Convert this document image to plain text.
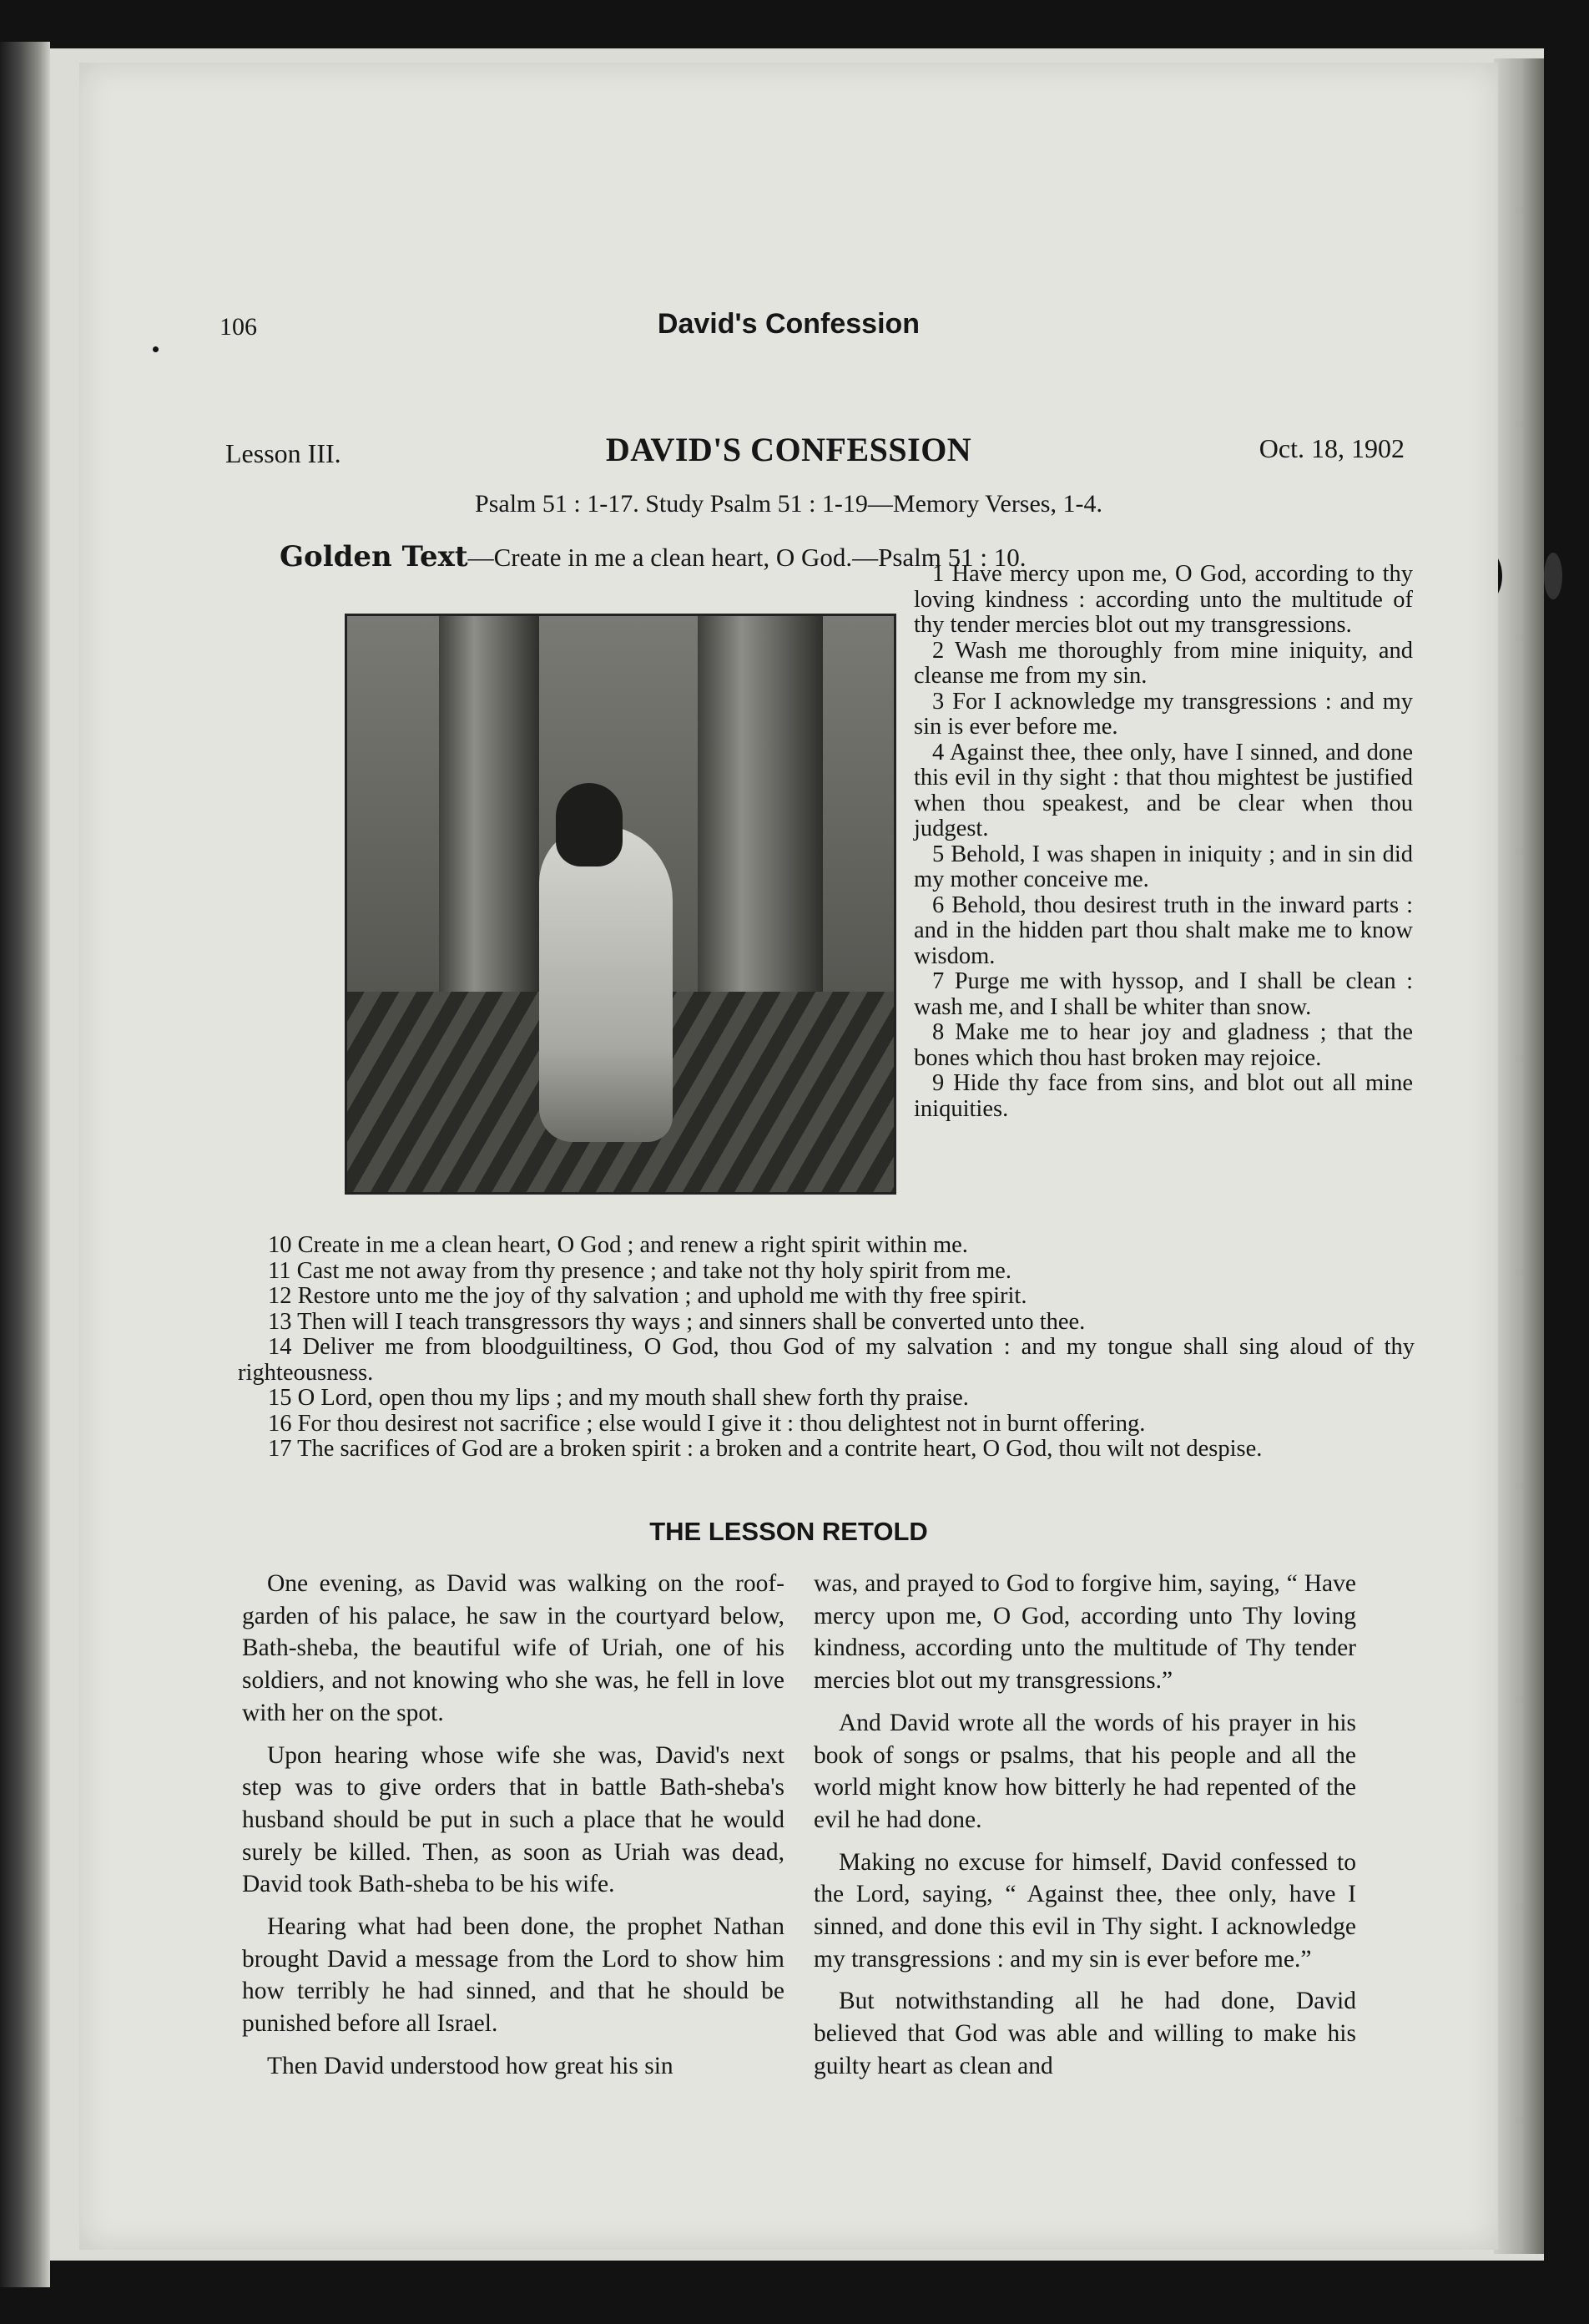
106	David's Confession
Lesson III.	DAVID'S CONFESSION	Oct. 18, 1902
Psalm 51 : 1-17. Study Psalm 51 : 1-19—Memory Verses, 1-4.
Golden Text—Create in me a clean heart, O God.—Psalm 51 : 10.

1 Have mercy upon me, O God, according to thy loving kindness : according unto the multitude of thy tender mercies blot out my transgressions.

2 Wash me thoroughly from mine iniquity, and cleanse me from my sin.

3 For I acknowledge my transgressions : and my sin is ever before me.

4 Against thee, thee only, have I sinned, and done this evil in thy sight : that thou mightest be justified when thou speakest, and be clear when thou judgest.

5 Behold, I was shapen in iniquity ; and in sin did my mother conceive me.

6 Behold, thou desirest truth in the inward parts : and in the hidden part thou shalt make me to know wisdom.

7 Purge me with hyssop, and I shall be clean : wash me, and I shall be whiter than snow.

8 Make me to hear joy and gladness ; that the bones which thou hast broken may rejoice.

9 Hide thy face from sins, and blot out all mine iniquities.

10 Create in me a clean heart, O God ; and renew a right spirit within me.

11 Cast me not away from thy presence ; and take not thy holy spirit from me.

12 Restore unto me the joy of thy salvation ; and uphold me with thy free spirit.

13 Then will I teach transgressors thy ways ; and sinners shall be converted unto thee.

14 Deliver me from bloodguiltiness, O God, thou God of my salvation : and my tongue shall sing aloud of thy righteousness.

15 O Lord, open thou my lips ; and my mouth shall shew forth thy praise.

16 For thou desirest not sacrifice ; else would I give it : thou delightest not in burnt offering.

17 The sacrifices of God are a broken spirit : a broken and a contrite heart, O God, thou wilt not despise.

THE LESSON RETOLD

One evening, as David was walking on the roof-garden of his palace, he saw in the courtyard below, Bath-sheba, the beautiful wife of Uriah, one of his soldiers, and not knowing who she was, he fell in love with her on the spot.

Upon hearing whose wife she was, David's next step was to give orders that in battle Bath-sheba's husband should be put in such a place that he would surely be killed. Then, as soon as Uriah was dead, David took Bath-sheba to be his wife.

Hearing what had been done, the prophet Nathan brought David a message from the Lord to show him how terribly he had sinned, and that he should be punished before all Israel.

Then David understood how great his sin

was, and prayed to God to forgive him, saying, “ Have mercy upon me, O God, according unto Thy loving kindness, according unto the multitude of Thy tender mercies blot out my transgressions.”

And David wrote all the words of his prayer in his book of songs or psalms, that his people and all the world might know how bitterly he had repented of the evil he had done.

Making no excuse for himself, David confessed to the Lord, saying, “ Against thee, thee only, have I sinned, and done this evil in Thy sight. I acknowledge my transgressions : and my sin is ever before me.”

But notwithstanding all he had done, David believed that God was able and willing to make his guilty heart as clean and
